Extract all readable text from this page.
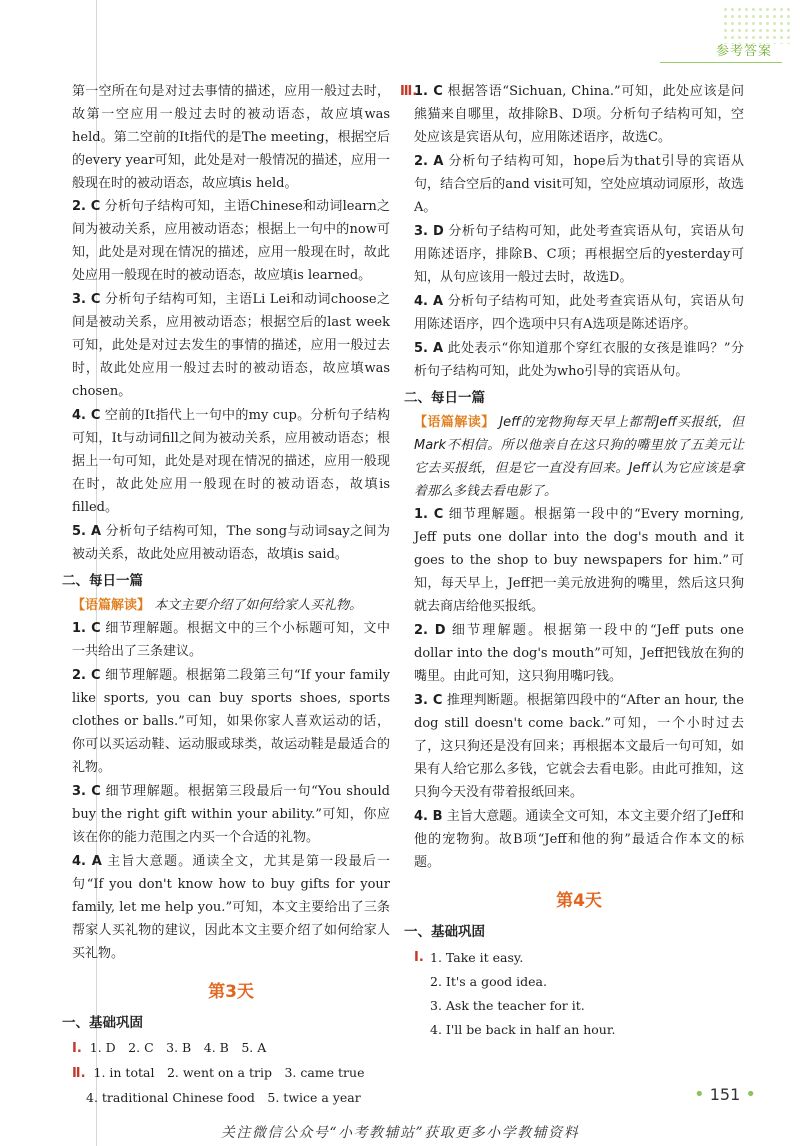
参考答案

第一空所在句是对过去事情的描述，应用一般过去时，故第一空应用一般过去时的被动语态，故应填was held。第二空前的It指代的是The meeting，根据空后的every year可知，此处是对一般情况的描述，应用一般现在时的被动语态，故应填is held。

2. C 分析句子结构可知，主语Chinese和动词learn之间为被动关系，应用被动语态；根据上一句中的now可知，此处是对现在情况的描述，应用一般现在时，故此处应用一般现在时的被动语态，故应填is learned。

3. C 分析句子结构可知，主语Li Lei和动词choose之间是被动关系，应用被动语态；根据空后的last week可知，此处是对过去发生的事情的描述，应用一般过去时，故此处应用一般过去时的被动语态，故应填was chosen。

4. C 空前的It指代上一句中的my cup。分析句子结构可知，It与动词fill之间为被动关系，应用被动语态；根据上一句可知，此处是对现在情况的描述，应用一般现在时，故此处应用一般现在时的被动语态，故填is filled。

5. A 分析句子结构可知，The song与动词say之间为被动关系，故此处应用被动语态，故填is said。

二、每日一篇

【语篇解读】 本文主要介绍了如何给家人买礼物。

1. C 细节理解题。根据文中的三个小标题可知，文中一共给出了三条建议。

2. C 细节理解题。根据第二段第三句“If your family like sports, you can buy sports shoes, sports clothes or balls.”可知，如果你家人喜欢运动的话，你可以买运动鞋、运动服或球类，故运动鞋是最适合的礼物。

3. C 细节理解题。根据第三段最后一句“You should buy the right gift within your ability.”可知，你应该在你的能力范围之内买一个合适的礼物。

4. A 主旨大意题。通读全文，尤其是第一段最后一句“If you don't know how to buy gifts for your family, let me help you.”可知，本文主要给出了三条帮家人买礼物的建议，因此本文主要介绍了如何给家人买礼物。

第3天
一、基础巩固
Ⅰ. 1. D　2. C　3. B　4. B　5. A
Ⅱ. 1. in total　2. went on a trip　3. came true
4. traditional Chinese food　5. twice a year
Ⅲ.

1. C 根据答语“Sichuan, China.”可知，此处应该是问熊猫来自哪里，故排除B、D项。分析句子结构可知，空处应该是宾语从句，应用陈述语序，故选C。

2. A 分析句子结构可知，hope后为that引导的宾语从句，结合空后的and visit可知，空处应填动词原形，故选A。

3. D 分析句子结构可知，此处考查宾语从句，宾语从句用陈述语序，排除B、C项；再根据空后的yesterday可知，从句应该用一般过去时，故选D。

4. A 分析句子结构可知，此处考查宾语从句，宾语从句用陈述语序，四个选项中只有A选项是陈述语序。

5. A 此处表示“你知道那个穿红衣服的女孩是谁吗？”分析句子结构可知，此处为who引导的宾语从句。

二、每日一篇

【语篇解读】 Jeff的宠物狗每天早上都帮Jeff买报纸，但Mark不相信。所以他亲自在这只狗的嘴里放了五美元让它去买报纸，但是它一直没有回来。Jeff认为它应该是拿着那么多钱去看电影了。

1. C 细节理解题。根据第一段中的“Every morning, Jeff puts one dollar into the dog's mouth and it goes to the shop to buy newspapers for him.”可知，每天早上，Jeff把一美元放进狗的嘴里，然后这只狗就去商店给他买报纸。

2. D 细节理解题。根据第一段中的“Jeff puts one dollar into the dog's mouth”可知，Jeff把钱放在狗的嘴里。由此可知，这只狗用嘴叼钱。

3. C 推理判断题。根据第四段中的“After an hour, the dog still doesn't come back.”可知，一个小时过去了，这只狗还是没有回来；再根据本文最后一句可知，如果有人给它那么多钱，它就会去看电影。由此可推知，这只狗今天没有带着报纸回来。

4. B 主旨大意题。通读全文可知，本文主要介绍了Jeff和他的宠物狗。故B项“Jeff和他的狗”最适合作本文的标题。

第4天
一、基础巩固
Ⅰ. 1. Take it easy.
2. It's a good idea.
3. Ask the teacher for it.
4. I'll be back in half an hour.
• 151 •
关注微信公众号“小考教辅站”获取更多小学教辅资料
